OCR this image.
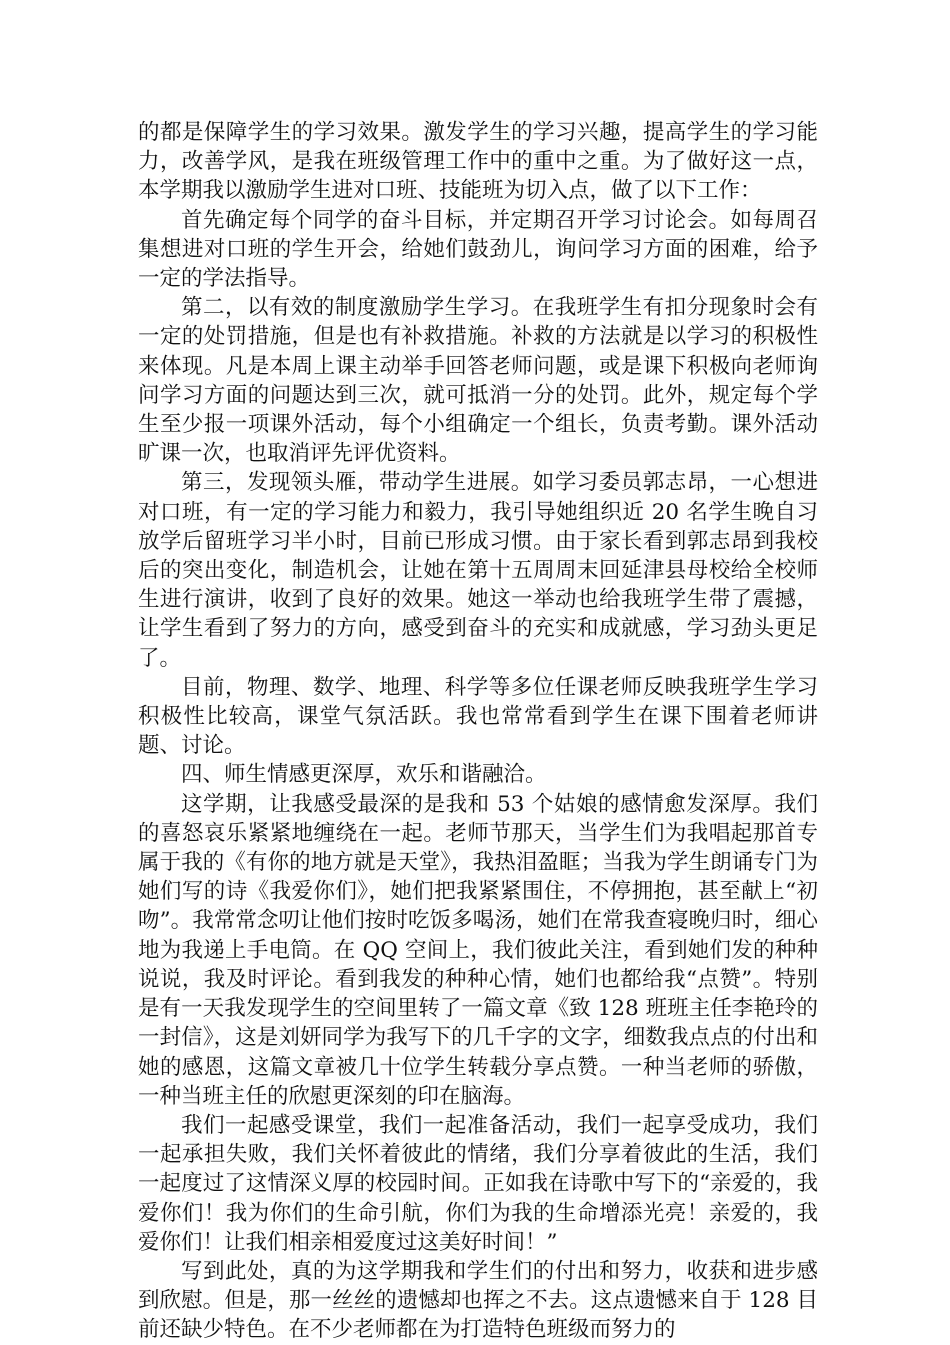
的都是保障学生的学习效果。激发学生的学习兴趣，提高学生的学习能力，改善学风，是我在班级管理工作中的重中之重。为了做好这一点，本学期我以激励学生进对口班、技能班为切入点，做了以下工作：

首先确定每个同学的奋斗目标，并定期召开学习讨论会。如每周召集想进对口班的学生开会，给她们鼓劲儿，询问学习方面的困难，给予一定的学法指导。

第二，以有效的制度激励学生学习。在我班学生有扣分现象时会有一定的处罚措施，但是也有补救措施。补救的方法就是以学习的积极性来体现。凡是本周上课主动举手回答老师问题，或是课下积极向老师询问学习方面的问题达到三次，就可抵消一分的处罚。此外，规定每个学生至少报一项课外活动，每个小组确定一个组长，负责考勤。课外活动旷课一次，也取消评先评优资料。

第三，发现领头雁，带动学生进展。如学习委员郭志昂，一心想进对口班，有一定的学习能力和毅力，我引导她组织近 20 名学生晚自习放学后留班学习半小时，目前已形成习惯。由于家长看到郭志昂到我校后的突出变化，制造机会，让她在第十五周周末回延津县母校给全校师生进行演讲，收到了良好的效果。她这一举动也给我班学生带了震撼，让学生看到了努力的方向，感受到奋斗的充实和成就感，学习劲头更足了。

目前，物理、数学、地理、科学等多位任课老师反映我班学生学习积极性比较高，课堂气氛活跃。我也常常看到学生在课下围着老师讲题、讨论。

四、师生情感更深厚，欢乐和谐融洽。

这学期，让我感受最深的是我和 53 个姑娘的感情愈发深厚。我们的喜怒哀乐紧紧地缠绕在一起。老师节那天，当学生们为我唱起那首专属于我的《有你的地方就是天堂》，我热泪盈眶；当我为学生朗诵专门为她们写的诗《我爱你们》，她们把我紧紧围住，不停拥抱，甚至献上“初吻”。我常常念叨让他们按时吃饭多喝汤，她们在常我查寝晚归时，细心地为我递上手电筒。在 QQ 空间上，我们彼此关注，看到她们发的种种说说，我及时评论。看到我发的种种心情，她们也都给我“点赞”。特别是有一天我发现学生的空间里转了一篇文章《致 128 班班主任李艳玲的一封信》，这是刘妍同学为我写下的几千字的文字，细数我点点的付出和她的感恩，这篇文章被几十位学生转载分享点赞。一种当老师的骄傲，一种当班主任的欣慰更深刻的印在脑海。

我们一起感受课堂，我们一起准备活动，我们一起享受成功，我们一起承担失败，我们关怀着彼此的情绪，我们分享着彼此的生活，我们一起度过了这情深义厚的校园时间。正如我在诗歌中写下的“亲爱的，我爱你们！我为你们的生命引航，你们为我的生命增添光亮！亲爱的，我爱你们！让我们相亲相爱度过这美好时间！”

写到此处，真的为这学期我和学生们的付出和努力，收获和进步感到欣慰。但是，那一丝丝的遗憾却也挥之不去。这点遗憾来自于 128 目前还缺少特色。在不少老师都在为打造特色班级而努力的
